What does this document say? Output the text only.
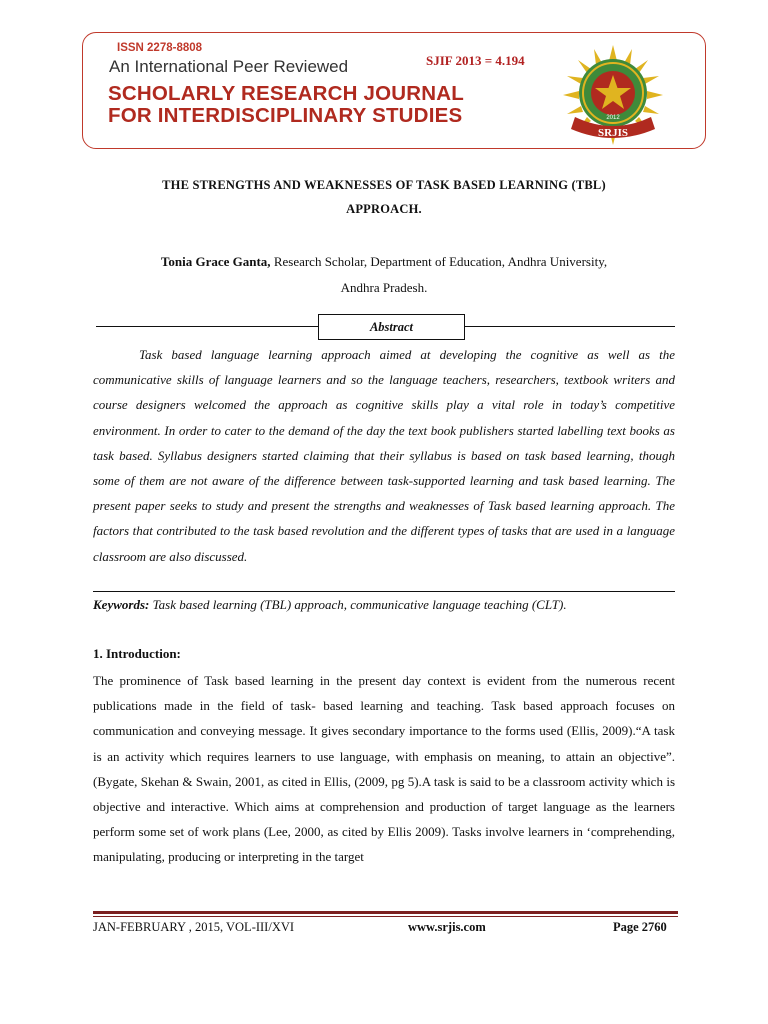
ISSN 2278-8808
An International Peer Reviewed	SJIF 2013 = 4.194
SCHOLARLY RESEARCH JOURNAL
FOR INTERDISCIPLINARY STUDIES	2012
SRJIS
THE STRENGTHS AND WEAKNESSES OF TASK BASED LEARNING (TBL)
APPROACH.
Tonia Grace Ganta, Research Scholar, Department of Education, Andhra University,
Andhra Pradesh.
Abstract
Task based language learning approach aimed at developing the cognitive as well as the communicative skills of language learners and so the language teachers, researchers, textbook writers and course designers welcomed the approach as cognitive skills play a vital role in today’s competitive environment. In order to cater to the demand of the day the text book publishers started labelling text books as task based. Syllabus designers started claiming that their syllabus is based on task based learning, though some of them are not aware of the difference between task-supported learning and task based learning. The present paper seeks to study and present the strengths and weaknesses of Task based learning approach. The factors that contributed to the task based revolution and the different types of tasks that are used in a language classroom are also discussed.
Keywords: Task based learning (TBL) approach, communicative language teaching (CLT).
1. Introduction:
The prominence of Task based learning in the present day context is evident from the numerous recent publications made in the field of task- based learning and teaching. Task based approach focuses on communication and conveying message. It gives secondary importance to the forms used (Ellis, 2009).“A task is an activity which requires learners to use language, with emphasis on meaning, to attain an objective”. (Bygate, Skehan & Swain, 2001, as cited in Ellis, (2009, pg 5).A task is said to be a classroom activity which is objective and interactive. Which aims at comprehension and production of target language as the learners perform some set of work plans (Lee, 2000, as cited by Ellis 2009). Tasks involve learners in ‘comprehending, manipulating, producing or interpreting in the target
JAN-FEBRUARY , 2015, VOL-III/XVI	www.srjis.com	Page 2760
